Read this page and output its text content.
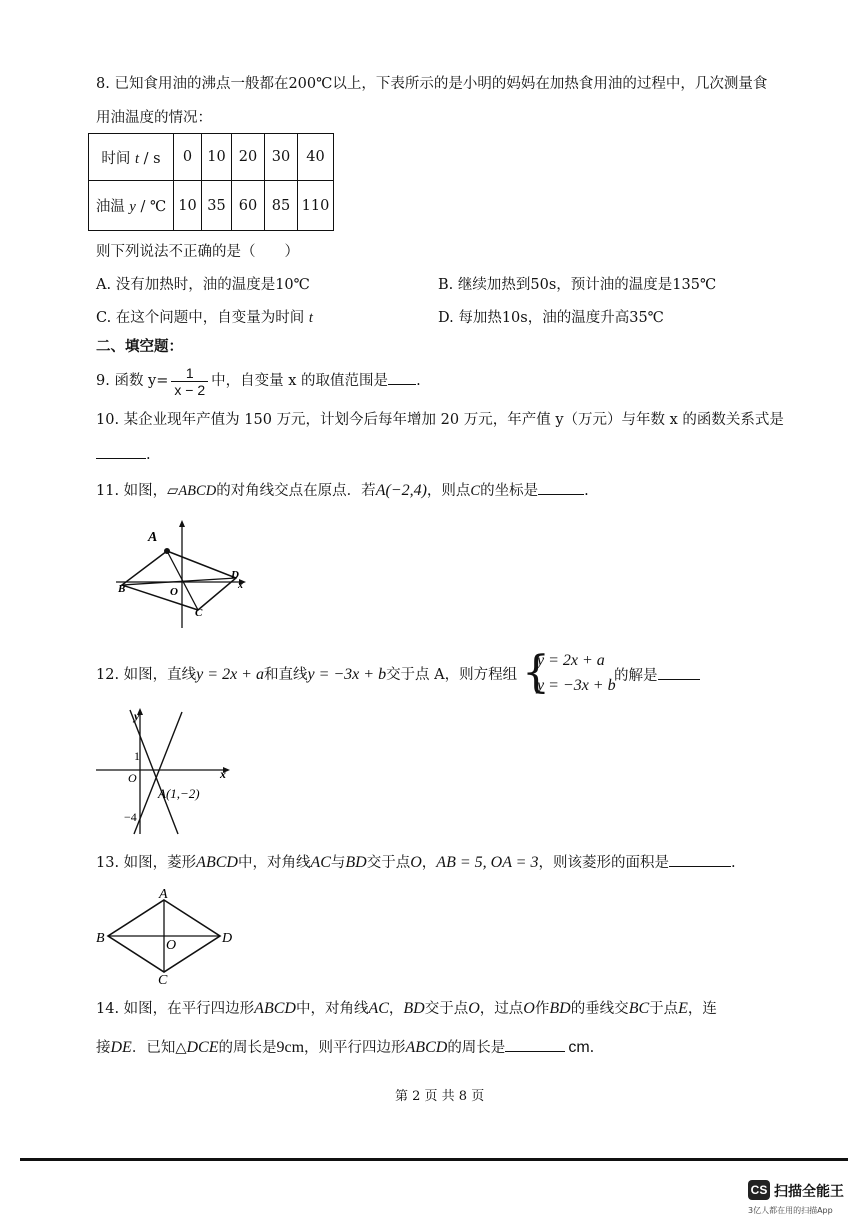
8. 已知食用油的沸点一般都在200℃以上，下表所示的是小明的妈妈在加热食用油的过程中，几次测量食
用油温度的情况：
时间 t / s	0	10	20	30	40
油温 y / ℃	10	35	60	85	110
则下列说法不正确的是（　　）
A. 没有加热时，油的温度是10℃	B. 继续加热到50s，预计油的温度是135℃
C. 在这个问题中，自变量为时间 t	D. 每加热10s，油的温度升高35℃
二、填空题：
9. 函数 $y= \frac{1}{x - 2}$ 中，自变量 x 的取值范围是 .
10. 某企业现年产值为 150 万元，计划今后每年增加 20 万元，年产值 y（万元）与年数 x 的函数关系式是
.
11. 如图，▱ABCD的对角线交点在原点．若A(−2,4)，则点C的坐标是	.
A
B	O
C
D
x
12. 如图，直线y = 2x + a和直线y = −3x + b交于点 A，则方程组 {
y = 2x + a
y = −3x + b
的解是
y
x
1
O
−4
A(1,−2)
13. 如图，菱形ABCD中，对角线AC与BD交于点O，AB = 5, OA = 3，则该菱形的面积是	.
A
B	O
C
D
14. 如图，在平行四边形ABCD中，对角线AC，BD交于点O，过点O作BD的垂线交BC于点E，连
接DE．已知△DCE的周长是9cm，则平行四边形ABCD的周长是	cm.
第 2 页 共 8 页
CS 扫描全能王
3亿人都在用的扫描App
